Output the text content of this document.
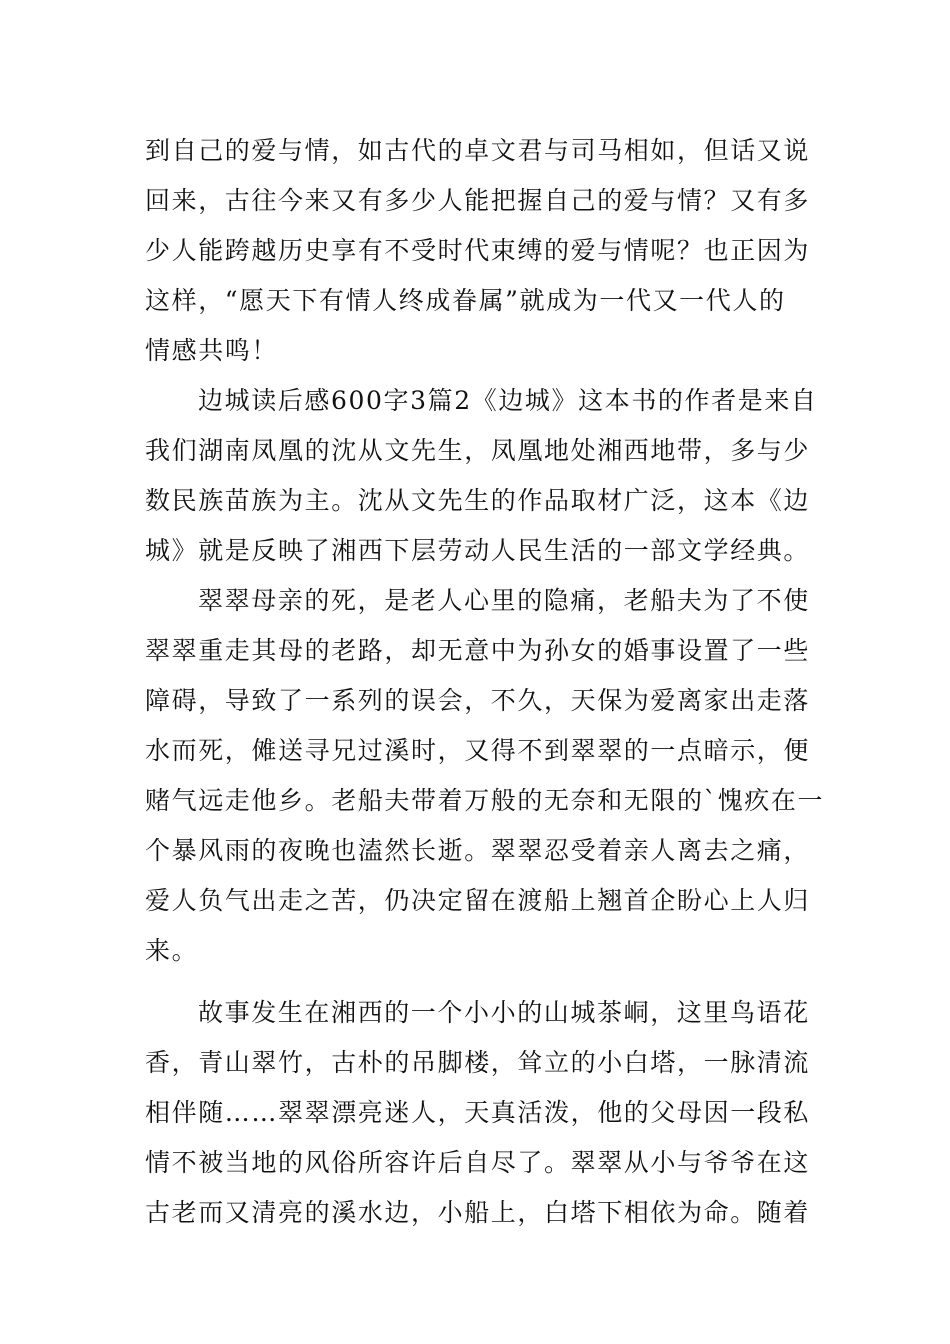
到自己的爱与情，如古代的卓文君与司马相如，但话又说
回来，古往今来又有多少人能把握自己的爱与情？又有多
少人能跨越历史享有不受时代束缚的爱与情呢？也正因为
这样，“愿天下有情人终成眷属”就成为一代又一代人的
情感共鸣！
边城读后感600字3篇2《边城》这本书的作者是来自
我们湖南凤凰的沈从文先生，凤凰地处湘西地带，多与少
数民族苗族为主。沈从文先生的作品取材广泛，这本《边
城》就是反映了湘西下层劳动人民生活的一部文学经典。
翠翠母亲的死，是老人心里的隐痛，老船夫为了不使
翠翠重走其母的老路，却无意中为孙女的婚事设置了一些
障碍，导致了一系列的误会，不久，天保为爱离家出走落
水而死，傩送寻兄过溪时，又得不到翠翠的一点暗示，便
赌气远走他乡。老船夫带着万般的无奈和无限的`愧疚在一
个暴风雨的夜晚也溘然长逝。翠翠忍受着亲人离去之痛，
爱人负气出走之苦，仍决定留在渡船上翘首企盼心上人归
来。
故事发生在湘西的一个小小的山城茶峒，这里鸟语花
香，青山翠竹，古朴的吊脚楼，耸立的小白塔，一脉清流
相伴随……翠翠漂亮迷人，天真活泼，他的父母因一段私
情不被当地的风俗所容许后自尽了。翠翠从小与爷爷在这
古老而又清亮的溪水边，小船上，白塔下相依为命。随着
